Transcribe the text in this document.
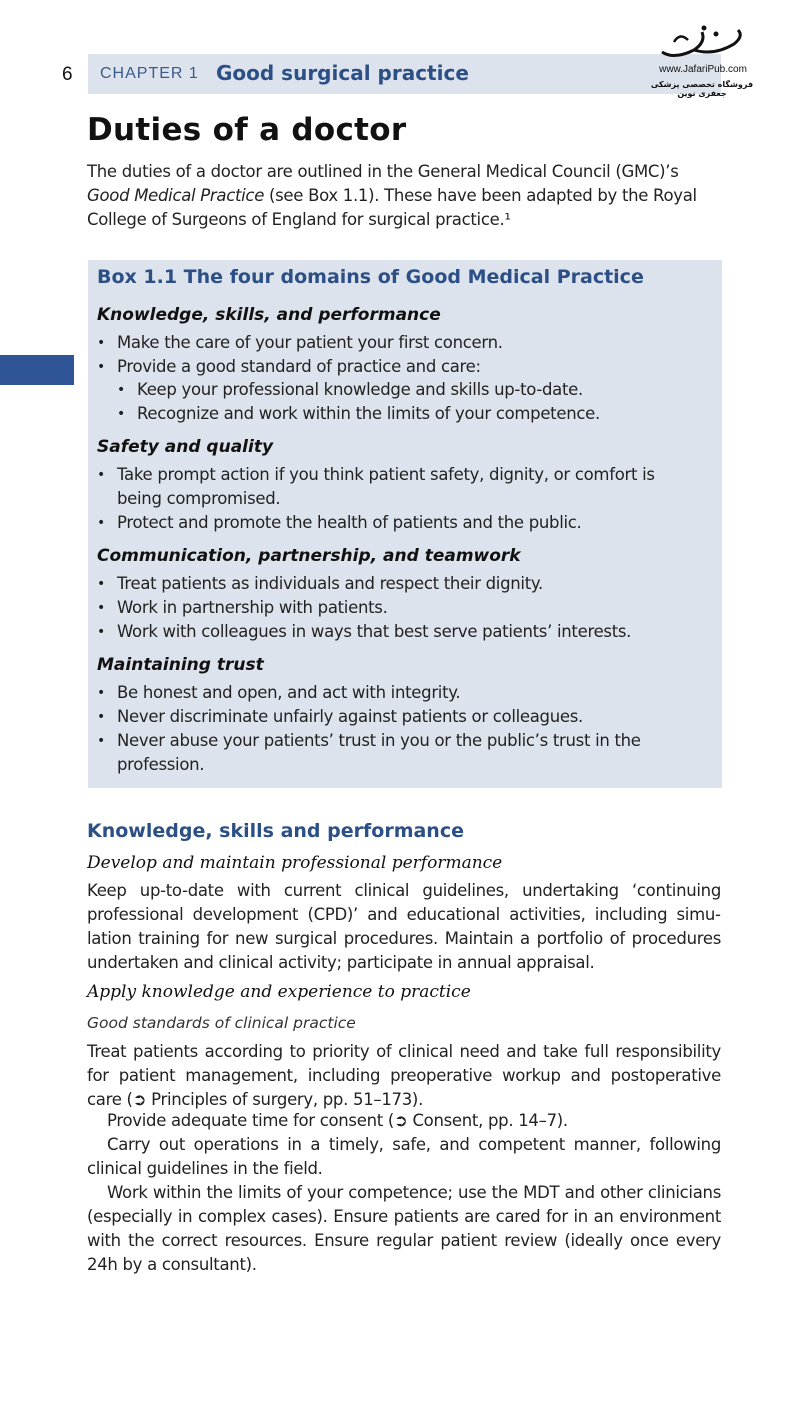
6 CHAPTER 1 Good surgical practice	www.JafariPub.com
فروشگاه تخصصی پزشکی جعفری نوین
Duties of a doctor

The duties of a doctor are outlined in the General Medical Council (GMC)’s
Good Medical Practice (see Box 1.1). These have been adapted by the Royal
College of Surgeons of England for surgical practice.¹

Box 1.1 The four domains of Good Medical Practice
Knowledge, skills, and performance
• Make the care of your patient your first concern.
• Provide a good standard of practice and care:
• Keep your professional knowledge and skills up-to-date.
• Recognize and work within the limits of your competence.
Safety and quality
• Take prompt action if you think patient safety, dignity, or comfort is
being compromised.
• Protect and promote the health of patients and the public.
Communication, partnership, and teamwork
• Treat patients as individuals and respect their dignity.
• Work in partnership with patients.
• Work with colleagues in ways that best serve patients’ interests.
Maintaining trust
• Be honest and open, and act with integrity.
• Never discriminate unfairly against patients or colleagues.
• Never abuse your patients’ trust in you or the public’s trust in the
profession.
Knowledge, skills and performance
Develop and maintain professional performance

Keep up-to-date with current clinical guidelines, undertaking ‘continuing professional development (CPD)’ and educational activities, including simulation training for new surgical procedures. Maintain a portfolio of procedures undertaken and clinical activity; participate in annual appraisal.

Apply knowledge and experience to practice
Good standards of clinical practice

Treat patients according to priority of clinical need and take full responsibility for patient management, including preoperative workup and postoperative care (➲ Principles of surgery, pp. 51–173).

Provide adequate time for consent (➲ Consent, pp. 14–7).

Carry out operations in a timely, safe, and competent manner, following clinical guidelines in the field.

Work within the limits of your competence; use the MDT and other clinicians (especially in complex cases). Ensure patients are cared for in an environment with the correct resources. Ensure regular patient review (ideally once every 24h by a consultant).
